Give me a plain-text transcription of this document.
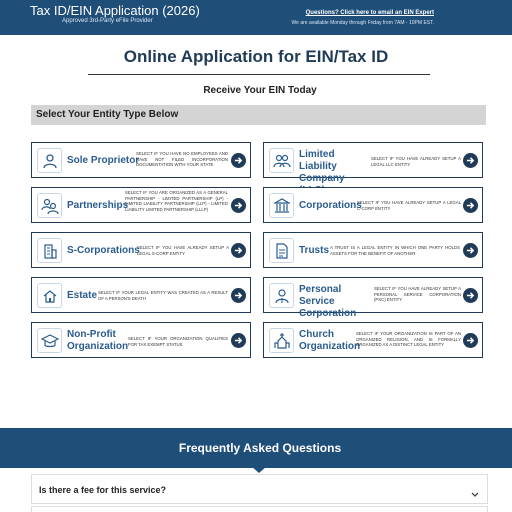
Tax ID/EIN Application (2026)
Approved 3rd-Party eFile Provider
Questions? Click here to email an EIN Expert
We are available Monday through Friday from 7AM - 10PM EST.
Online Application for EIN/Tax ID
Receive Your EIN Today
Select Your Entity Type Below
Sole Proprietor
SELECT IF YOU HAVE NO EMPLOYEES AND HAVE NOT FILED INCORPORATION DOCUMENTATION WITH YOUR STATE
Limited Liability Company
SELECT IF YOU HAVE ALREADY SETUP A LEGAL LLC ENTITY
Partnerships
SELECT IF YOU ARE ORGANIZED AS A GENERAL PARTNERSHIP - LIMITED PARTNERSHIP (LP) - LIMITED LIABILITY PARTNERSHIP (LLP) - LIMITED LIABILITY LIMITED PARTNERSHIP (LLLP)	Corporations
SELECT IF YOU HAVE ALREADY SETUP A LEGAL C-CORP ENTITY
S-Corporations
SELECT IF YOU HAVE ALREADY SETUP A LEGAL S-CORP ENTITY	Trusts A TRUST IS A LEGAL ENTITY IN WHICH ONE PARTY HOLDS ASSETS FOR THE BENEFIT OF ANOTHER
Estate SELECT IF YOUR LEGAL ENTITY WAS CREATED AS A RESULT OF A PERSON'S DEATH
Personal Service Corporation
SELECT IF YOU HAVE ALREADY SETUP A PERSONAL SERVICE CORPORATION (PSC) ENTITY
Non-Profit Organization
SELECT IF YOUR ORGANIZATION QUALIFIES FOR TAX EXEMPT STATUS
Church Organization
SELECT IF YOUR ORGANIZATION IS PART OF AN ORGANIZED RELIGION, AND IS FORMALLY ORGANIZED AS A DISTINCT LEGAL ENTITY
Frequently Asked Questions
Is there a fee for this service?
